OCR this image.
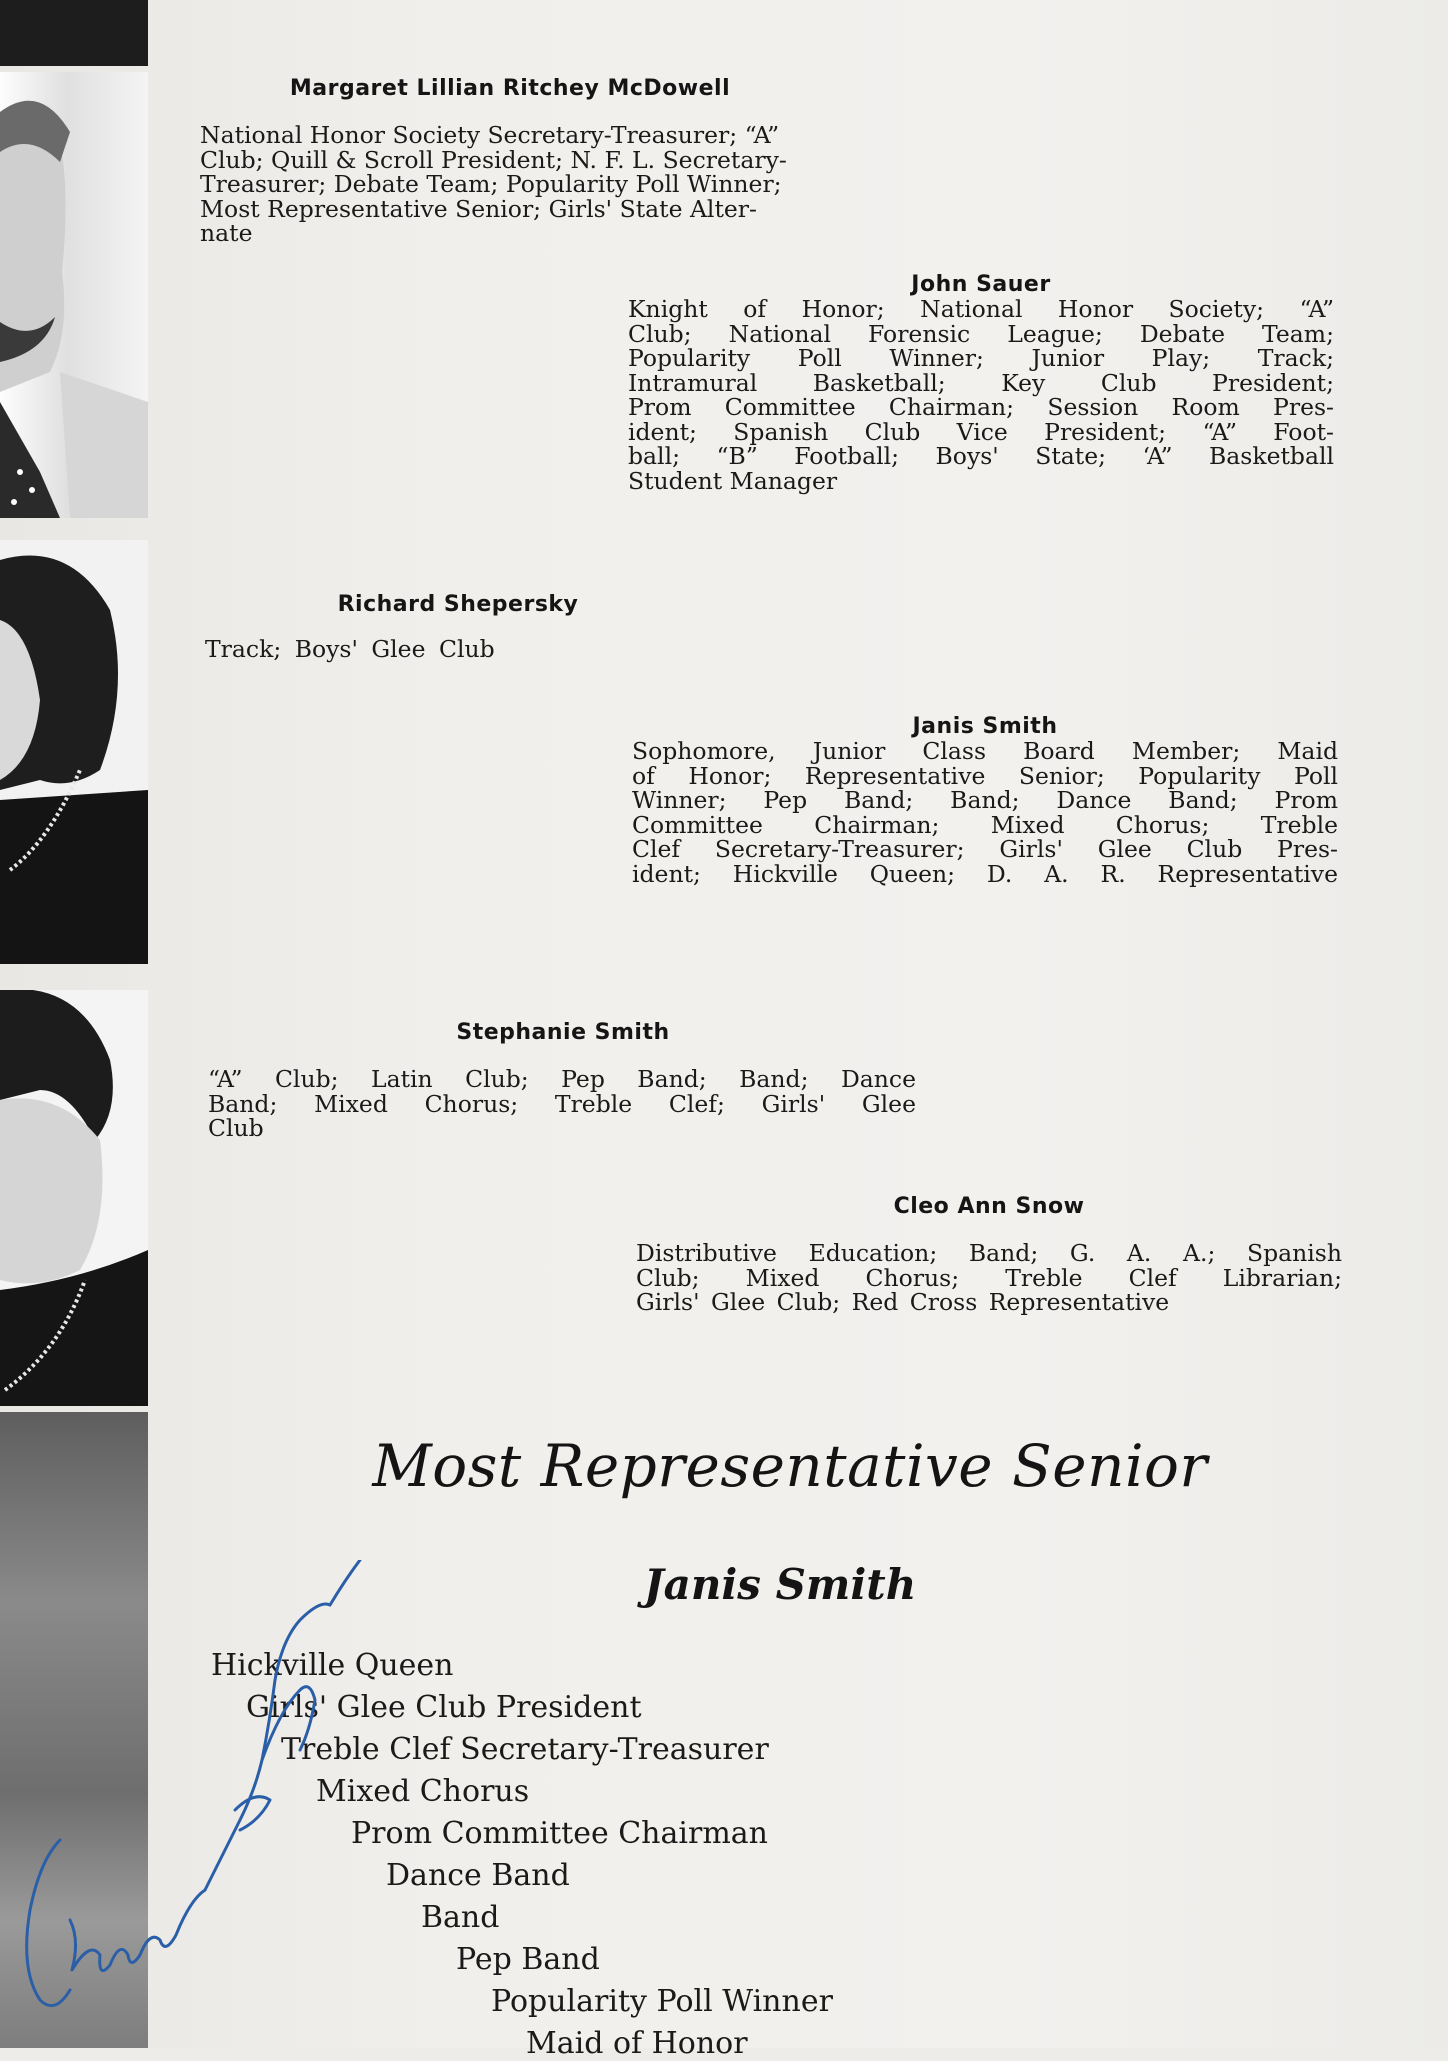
Margaret Lillian Ritchey McDowell
National Honor Society Secretary-Treasurer; “A”
Club; Quill & Scroll President; N. F. L. Secretary-
Treasurer; Debate Team; Popularity Poll Winner;
Most Representative Senior; Girls' State Alter-
nate
John Sauer
Knight of Honor; National Honor Society; “A”
Club; National Forensic League; Debate Team;
Popularity Poll Winner; Junior Play; Track;
Intramural Basketball; Key Club President;
Prom Committee Chairman; Session Room Pres-
ident; Spanish Club Vice President; “A” Foot-
ball; “B” Football; Boys' State; ‘A” Basketball
Student Manager
Richard Shepersky
Track; Boys' Glee Club
Janis Smith
Sophomore, Junior Class Board Member; Maid
of Honor; Representative Senior; Popularity Poll
Winner; Pep Band; Band; Dance Band; Prom
Committee Chairman; Mixed Chorus; Treble
Clef Secretary-Treasurer; Girls' Glee Club Pres-
ident; Hickville Queen; D. A. R. Representative
Stephanie Smith
“A” Club; Latin Club; Pep Band; Band; Dance
Band; Mixed Chorus; Treble Clef; Girls' Glee
Club
Cleo Ann Snow
Distributive Education; Band; G. A. A.; Spanish
Club; Mixed Chorus; Treble Clef Librarian;
Girls' Glee Club; Red Cross Representative
Most Representative Senior
Janis Smith
Hickville Queen
Girls' Glee Club President
Treble Clef Secretary-Treasurer
Mixed Chorus
Prom Committee Chairman
Dance Band
Band
Pep Band
Popularity Poll Winner
Maid of Honor
